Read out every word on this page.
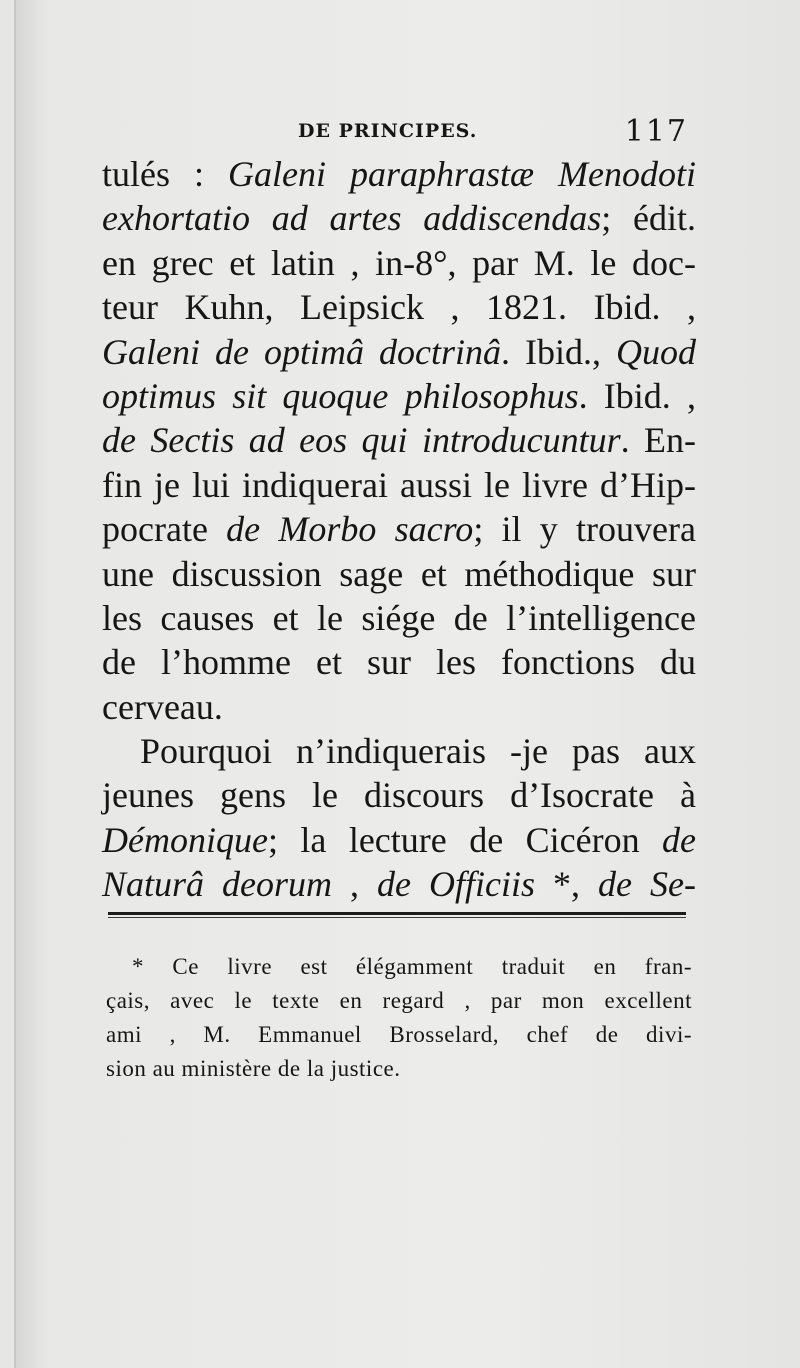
DE PRINCIPES.	117
tulés : Galeni paraphrastæ Menodoti
exhortatio ad artes addiscendas; édit.
en grec et latin , in-8°, par M. le doc-
teur Kuhn, Leipsick , 1821. Ibid. ,
Galeni de optimâ doctrinâ. Ibid., Quod
optimus sit quoque philosophus. Ibid. ,
de Sectis ad eos qui introducuntur. En-
fin je lui indiquerai aussi le livre d’Hip-
pocrate de Morbo sacro; il y trouvera
une discussion sage et méthodique sur
les causes et le siége de l’intelligence
de l’homme et sur les fonctions du
cerveau.
Pourquoi n’indiquerais -je pas aux
jeunes gens le discours d’Isocrate à
Démonique; la lecture de Cicéron de
Naturâ deorum , de Officiis *, de Se-
* Ce livre est élégamment traduit en fran-
çais, avec le texte en regard , par mon excellent
ami , M. Emmanuel Brosselard, chef de divi-
sion au ministère de la justice.
